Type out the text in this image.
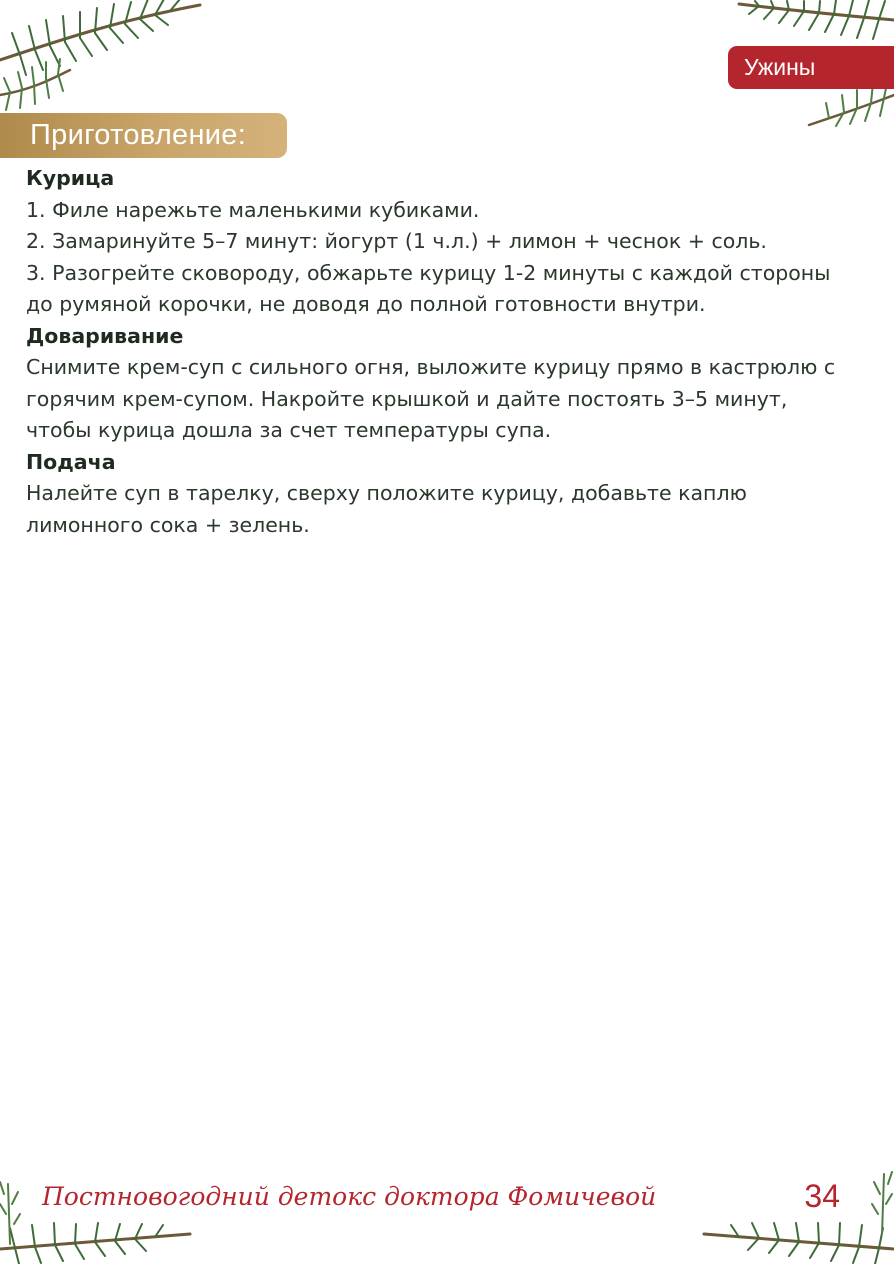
Ужины
Приготовление:

Курица

1. Филе нарежьте маленькими кубиками.

2. Замаринуйте 5–7 минут: йогурт (1 ч.л.) + лимон + чеснок + соль.

3. Разогрейте сковороду, обжарьте курицу 1-2 минуты с каждой стороны до румяной корочки, не доводя до полной готовности внутри.

Доваривание

Снимите крем-суп с сильного огня, выложите курицу прямо в кастрюлю с горячим крем-супом. Накройте крышкой и дайте постоять 3–5 минут, чтобы курица дошла за счет температуры супа.

Подача

Налейте суп в тарелку, сверху положите курицу, добавьте каплю лимонного сока + зелень.

Постновогодний детокс доктора Фомичевой	34
